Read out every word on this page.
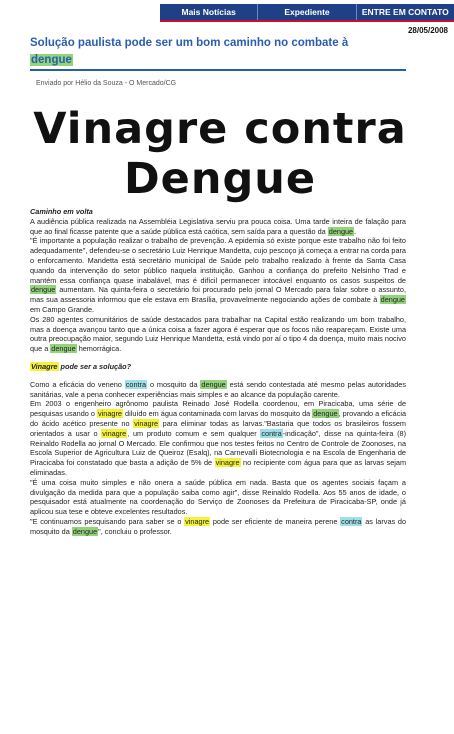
Mais Notícias	Expediente	ENTRE EM CONTATO
28/05/2008

Solução paulista pode ser um bom caminho no combate à
dengue

Enviado por Hélio da Souza - O Mercado/CG
Vinagre contra
Dengue

Caminho em volta

A audiência pública realizada na Assembléia Legislativa serviu pra pouca coisa. Uma tarde inteira de falação para que ao final ficasse patente que a saúde pública está caótica, sem saída para a questão da dengue.

"É importante a população realizar o trabalho de prevenção. A epidemia só existe porque este trabalho não foi feito adequadamente", defendeu-se o secretário Luiz Henrique Mandetta, cujo pescoço já começa a entrar na corda para o enforcamento. Mandetta está secretário municipal de Saúde pelo trabalho realizado à frente da Santa Casa quando da intervenção do setor público naquela instituição. Ganhou a confiança do prefeito Nelsinho Trad e mantém essa confiança quase inabalável, mas é difícil permanecer intocável enquanto os casos suspeitos de dengue aumentam. Na quinta-feira o secretário foi procurado pelo jornal O Mercado para falar sobre o assunto, mas sua assessoria informou que ele estava em Brasília, provavelmente negociando ações de combate à dengue em Campo Grande.

Os 280 agentes comunitários de saúde destacados para trabalhar na Capital estão realizando um bom trabalho, mas a doença avançou tanto que a única coisa a fazer agora é esperar que os focos não reapareçam. Existe uma outra preocupação maior, segundo Luiz Henrique Mandetta, está vindo por aí o tipo 4 da doença, muito mais nocivo que a dengue hemorrágica.

Vinagre pode ser a solução?

Como a eficácia do veneno contra o mosquito da dengue está sendo contestada até mesmo pelas autoridades sanitárias, vale a pena conhecer experiências mais simples e ao alcance da população carente.

Em 2003 o engenheiro agrônomo paulista Reinado José Rodella coordenou, em Piracicaba, uma série de pesquisas usando o vinagre diluído em água contaminada com larvas do mosquito da dengue, provando a eficácia do ácido acético presente no vinagre para eliminar todas as larvas."Bastaria que todos os brasileiros fossem orientados a usar o vinagre, um produto comum e sem qualquer contra-indicação", disse na quinta-feira (8) Reinaldo Rodella ao jornal O Mercado. Ele confirmou que nos testes feitos no Centro de Controle de Zoonoses, na Escola Superior de Agricultura Luiz de Queiroz (Esalq), na Carnevalli Biotecnologia e na Escola de Engenharia de Piracicaba foi constatado que basta a adição de 5% de vinagre no recipiente com água para que as larvas sejam eliminadas.

"É uma coisa muito simples e não onera a saúde pública em nada. Basta que os agentes sociais façam a divulgação da medida para que a população saiba como agir", disse Reinaldo Rodella. Aos 55 anos de idade, o pesquisador está atualmente na coordenação do Serviço de Zoonoses da Prefeitura de Piracicaba-SP, onde já aplicou sua tese e obteve excelentes resultados.

"E continuamos pesquisando para saber se o vinagre pode ser eficiente de maneira perene contra as larvas do mosquito da dengue", concluiu o professor.
